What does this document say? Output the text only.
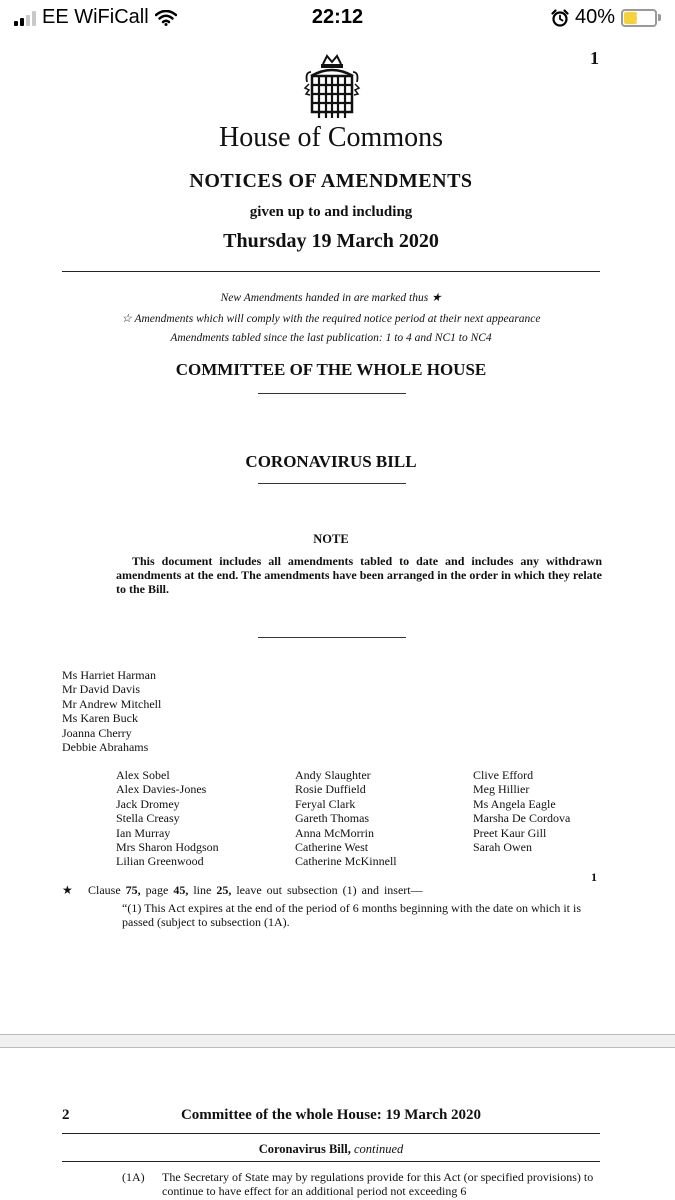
EE WiFiCall	22:12	40%	⚡
1
House of Commons
NOTICES OF AMENDMENTS
given up to and including
Thursday 19 March 2020
New Amendments handed in are marked thus ★
☆ Amendments which will comply with the required notice period at their next appearance
Amendments tabled since the last publication: 1 to 4 and NC1 to NC4
COMMITTEE OF THE WHOLE HOUSE
CORONAVIRUS BILL
NOTE
This document includes all amendments tabled to date and includes any withdrawn amendments at the end. The amendments have been arranged in the order in which they relate to the Bill.
Ms Harriet Harman
Mr David Davis
Mr Andrew Mitchell
Ms Karen Buck
Joanna Cherry
Debbie Abrahams
Alex Sobel
Alex Davies-Jones
Jack Dromey
Stella Creasy
Ian Murray
Mrs Sharon Hodgson
Lilian Greenwood
Andy Slaughter
Rosie Duffield
Feryal Clark
Gareth Thomas
Anna McMorrin
Catherine West
Catherine McKinnell
Clive Efford
Meg Hillier
Ms Angela Eagle
Marsha De Cordova
Preet Kaur Gill
Sarah Owen
1
★ Clause 75, page 45, line 25, leave out subsection (1) and insert—
“(1) This Act expires at the end of the period of 6 months beginning with the date on which it is passed (subject to subsection (1A).
2	Committee of the whole House: 19 March 2020
Coronavirus Bill, continued
(1A) The Secretary of State may by regulations provide for this Act (or specified provisions) to continue to have effect for an additional period not exceeding 6
